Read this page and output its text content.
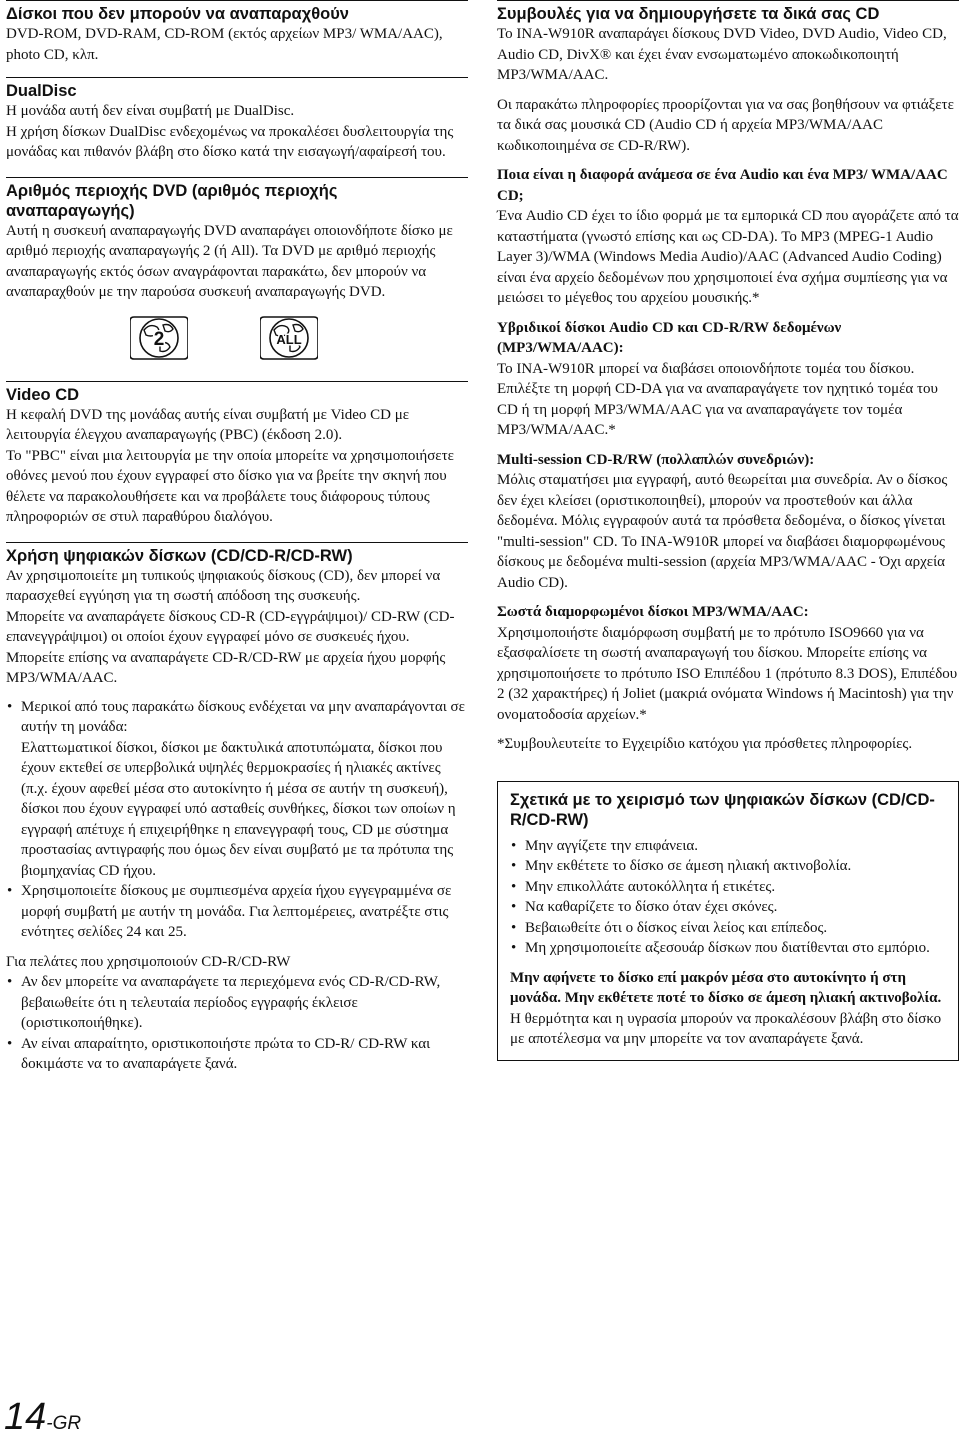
Δίσκοι που δεν μπορούν να αναπαραχθούν

DVD-ROM, DVD-RAM, CD-ROM (εκτός αρχείων MP3/ WMA/AAC), photo CD, κλπ.

DualDisc

Η μονάδα αυτή δεν είναι συμβατή με DualDisc.

Η χρήση δίσκων DualDisc ενδεχομένως να προκαλέσει δυσλειτουργία της μονάδας και πιθανόν βλάβη στο δίσκο κατά την εισαγωγή/αφαίρεσή του.

Αριθμός περιοχής DVD (αριθμός περιοχής αναπαραγωγής)

Αυτή η συσκευή αναπαραγωγής DVD αναπαράγει οποιονδήποτε δίσκο με αριθμό περιοχής αναπαραγωγής 2 (ή All). Τα DVD με αριθμό περιοχής αναπαραγωγής εκτός όσων αναγράφονται παρακάτω, δεν μπορούν να αναπαραχθούν με την παρούσα συσκευή αναπαραγωγής DVD.

2	ALL
Video CD

Η κεφαλή DVD της μονάδας αυτής είναι συμβατή με Video CD με λειτουργία έλεγχου αναπαραγωγής (PBC) (έκδοση 2.0).

Το "PBC" είναι μια λειτουργία με την οποία μπορείτε να χρησιμοποιήσετε οθόνες μενού που έχουν εγγραφεί στο δίσκο για να βρείτε την σκηνή που θέλετε να παρακολουθήσετε και να προβάλετε τους διάφορους τύπους πληροφοριών σε στυλ παραθύρου διαλόγου.

Χρήση ψηφιακών δίσκων (CD/CD-R/CD-RW)

Αν χρησιμοποιείτε μη τυπικούς ψηφιακούς δίσκους (CD), δεν μπορεί να παρασχεθεί εγγύηση για τη σωστή απόδοση της συσκευής.

Μπορείτε να αναπαράγετε δίσκους CD-R (CD-εγγράψιμοι)/ CD-RW (CD-επανεγγράψιμοι) οι οποίοι έχουν εγγραφεί μόνο σε συσκευές ήχου. Μπορείτε επίσης να αναπαράγετε CD-R/CD-RW με αρχεία ήχου μορφής MP3/WMA/AAC.

• Μερικοί από τους παρακάτω δίσκους ενδέχεται να μην αναπαράγονται σε αυτήν τη μονάδα:
Ελαττωματικοί δίσκοι, δίσκοι με δακτυλικά αποτυπώματα, δίσκοι που έχουν εκτεθεί σε υπερβολικά υψηλές θερμοκρασίες ή ηλιακές ακτίνες (π.χ. έχουν αφεθεί μέσα στο αυτοκίνητο ή μέσα σε αυτήν τη συσκευή), δίσκοι που έχουν εγγραφεί υπό ασταθείς συνθήκες, δίσκοι των οποίων η εγγραφή απέτυχε ή επιχειρήθηκε η επανεγγραφή τους, CD με σύστημα προστασίας αντιγραφής που όμως δεν είναι συμβατό με τα πρότυπα της βιομηχανίας CD ήχου.
• Χρησιμοποιείτε δίσκους με συμπιεσμένα αρχεία ήχου εγγεγραμμένα σε μορφή συμβατή με αυτήν τη μονάδα. Για λεπτομέρειες, ανατρέξτε στις ενότητες σελίδες 24 και 25.

Για πελάτες που χρησιμοποιούν CD-R/CD-RW

• Αν δεν μπορείτε να αναπαράγετε τα περιεχόμενα ενός CD-R/CD-RW, βεβαιωθείτε ότι η τελευταία περίοδος εγγραφής έκλεισε (οριστικοποιήθηκε).
• Αν είναι απαραίτητο, οριστικοποιήστε πρώτα το CD-R/ CD-RW και δοκιμάστε να το αναπαράγετε ξανά.
Συμβουλές για να δημιουργήσετε τα δικά σας CD

Το INA-W910R αναπαράγει δίσκους DVD Video, DVD Audio, Video CD, Audio CD, DivX® και έχει έναν ενσωματωμένο αποκωδικοποιητή MP3/WMA/AAC.

Οι παρακάτω πληροφορίες προορίζονται για να σας βοηθήσουν να φτιάξετε τα δικά σας μουσικά CD (Audio CD ή αρχεία MP3/WMA/AAC κωδικοποιημένα σε CD-R/RW).

Ποια είναι η διαφορά ανάμεσα σε ένα Audio και ένα MP3/ WMA/AAC CD;

Ένα Audio CD έχει το ίδιο φορμά με τα εμπορικά CD που αγοράζετε από τα καταστήματα (γνωστό επίσης και ως CD-DA). Το MP3 (MPEG-1 Audio Layer 3)/WMA (Windows Media Audio)/AAC (Advanced Audio Coding) είναι ένα αρχείο δεδομένων που χρησιμοποιεί ένα σχήμα συμπίεσης για να μειώσει το μέγεθος του αρχείου μουσικής.*

Υβριδικοί δίσκοι Audio CD και CD-R/RW δεδομένων (MP3/WMA/AAC):

Το INA-W910R μπορεί να διαβάσει οποιονδήποτε τομέα του δίσκου. Επιλέξτε τη μορφή CD-DA για να αναπαραγάγετε τον ηχητικό τομέα του CD ή τη μορφή MP3/WMA/AAC για να αναπαραγάγετε τον τομέα MP3/WMA/AAC.*

Multi-session CD-R/RW (πολλαπλών συνεδριών):

Μόλις σταματήσει μια εγγραφή, αυτό θεωρείται μια συνεδρία. Αν ο δίσκος δεν έχει κλείσει (οριστικοποιηθεί), μπορούν να προστεθούν και άλλα δεδομένα. Μόλις εγγραφούν αυτά τα πρόσθετα δεδομένα, ο δίσκος γίνεται "multi-session" CD. Το INA-W910R μπορεί να διαβάσει διαμορφωμένους δίσκους με δεδομένα multi-session (αρχεία MP3/WMA/AAC - Όχι αρχεία Audio CD).

Σωστά διαμορφωμένοι δίσκοι MP3/WMA/AAC:

Χρησιμοποιήστε διαμόρφωση συμβατή με το πρότυπο ISO9660 για να εξασφαλίσετε τη σωστή αναπαραγωγή του δίσκου. Μπορείτε επίσης να χρησιμοποιήσετε το πρότυπο ISO Επιπέδου 1 (πρότυπο 8.3 DOS), Επιπέδου 2 (32 χαρακτήρες) ή Joliet (μακριά ονόματα Windows ή Macintosh) για την ονοματοδοσία αρχείων.*

*Συμβουλευτείτε το Εγχειρίδιο κατόχου για πρόσθετες πληροφορίες.

Σχετικά με το χειρισμό των ψηφιακών δίσκων (CD/CD-R/CD-RW)
• Μην αγγίζετε την επιφάνεια.
• Μην εκθέτετε το δίσκο σε άμεση ηλιακή ακτινοβολία.
• Μην επικολλάτε αυτοκόλλητα ή ετικέτες.
• Να καθαρίζετε το δίσκο όταν έχει σκόνες.
• Βεβαιωθείτε ότι ο δίσκος είναι λείος και επίπεδος.
• Μη χρησιμοποιείτε αξεσουάρ δίσκων που διατίθενται στο εμπόριο.

Μην αφήνετε το δίσκο επί μακρόν μέσα στο αυτοκίνητο ή στη μονάδα. Μην εκθέτετε ποτέ το δίσκο σε άμεση ηλιακή ακτινοβολία.

Η θερμότητα και η υγρασία μπορούν να προκαλέσουν βλάβη στο δίσκο με αποτέλεσμα να μην μπορείτε να τον αναπαράγετε ξανά.

14-GR
